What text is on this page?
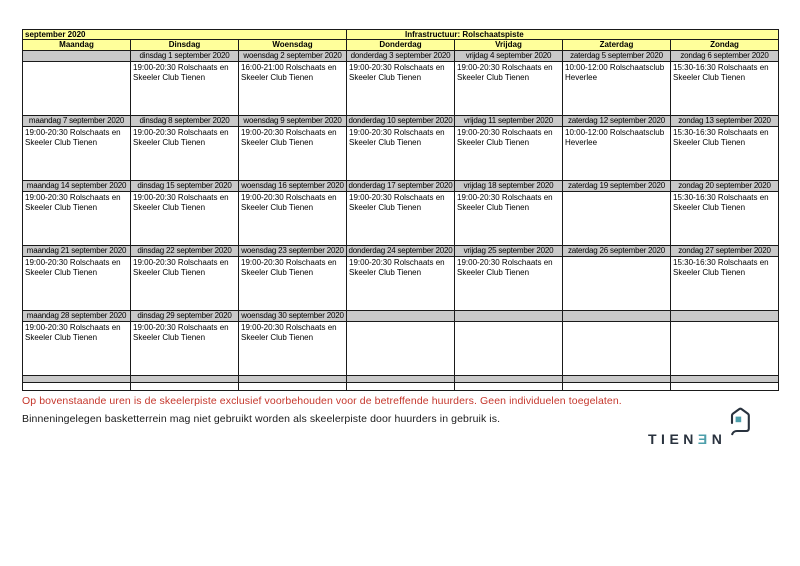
september 2020			Infrastructuur: Rolschaatspiste			
Maandag	Dinsdag	Woensdag	Donderdag	Vrijdag	Zaterdag	Zondag
	dinsdag 1 september 2020	woensdag 2 september 2020	donderdag 3 september 2020	vrijdag 4 september 2020	zaterdag 5 september 2020	zondag 6 september 2020
	19:00-20:30 Rolschaats en Skeeler Club Tienen	16:00-21:00 Rolschaats en Skeeler Club Tienen	19:00-20:30 Rolschaats en Skeeler Club Tienen	19:00-20:30 Rolschaats en Skeeler Club Tienen	10:00-12:00 Rolschaatsclub Heverlee	15:30-16:30 Rolschaats en Skeeler Club Tienen
maandag 7 september 2020	dinsdag 8 september 2020	woensdag 9 september 2020	donderdag 10 september 2020	vrijdag 11 september 2020	zaterdag 12 september 2020	zondag 13 september 2020
19:00-20:30 Rolschaats en Skeeler Club Tienen	19:00-20:30 Rolschaats en Skeeler Club Tienen	19:00-20:30 Rolschaats en Skeeler Club Tienen	19:00-20:30 Rolschaats en Skeeler Club Tienen	19:00-20:30 Rolschaats en Skeeler Club Tienen	10:00-12:00 Rolschaatsclub Heverlee	15:30-16:30 Rolschaats en Skeeler Club Tienen
maandag 14 september 2020	dinsdag 15 september 2020	woensdag 16 september 2020	donderdag 17 september 2020	vrijdag 18 september 2020	zaterdag 19 september 2020	zondag 20 september 2020
19:00-20:30 Rolschaats en Skeeler Club Tienen	19:00-20:30 Rolschaats en Skeeler Club Tienen	19:00-20:30 Rolschaats en Skeeler Club Tienen	19:00-20:30 Rolschaats en Skeeler Club Tienen	19:00-20:30 Rolschaats en Skeeler Club Tienen		15:30-16:30 Rolschaats en Skeeler Club Tienen
maandag 21 september 2020	dinsdag 22 september 2020	woensdag 23 september 2020	donderdag 24 september 2020	vrijdag 25 september 2020	zaterdag 26 september 2020	zondag 27 september 2020
19:00-20:30 Rolschaats en Skeeler Club Tienen	19:00-20:30 Rolschaats en Skeeler Club Tienen	19:00-20:30 Rolschaats en Skeeler Club Tienen	19:00-20:30 Rolschaats en Skeeler Club Tienen	19:00-20:30 Rolschaats en Skeeler Club Tienen		15:30-16:30 Rolschaats en Skeeler Club Tienen
maandag 28 september 2020	dinsdag 29 september 2020	woensdag 30 september 2020				
19:00-20:30 Rolschaats en Skeeler Club Tienen	19:00-20:30 Rolschaats en Skeeler Club Tienen	19:00-20:30 Rolschaats en Skeeler Club Tienen				

Op bovenstaande uren is de skeelerpiste exclusief voorbehouden voor de betreffende huurders. Geen individuelen toegelaten.
Binneningelegen basketterrein mag niet gebruikt worden als skeelerpiste door huurders in gebruik is.
TIENƎN
